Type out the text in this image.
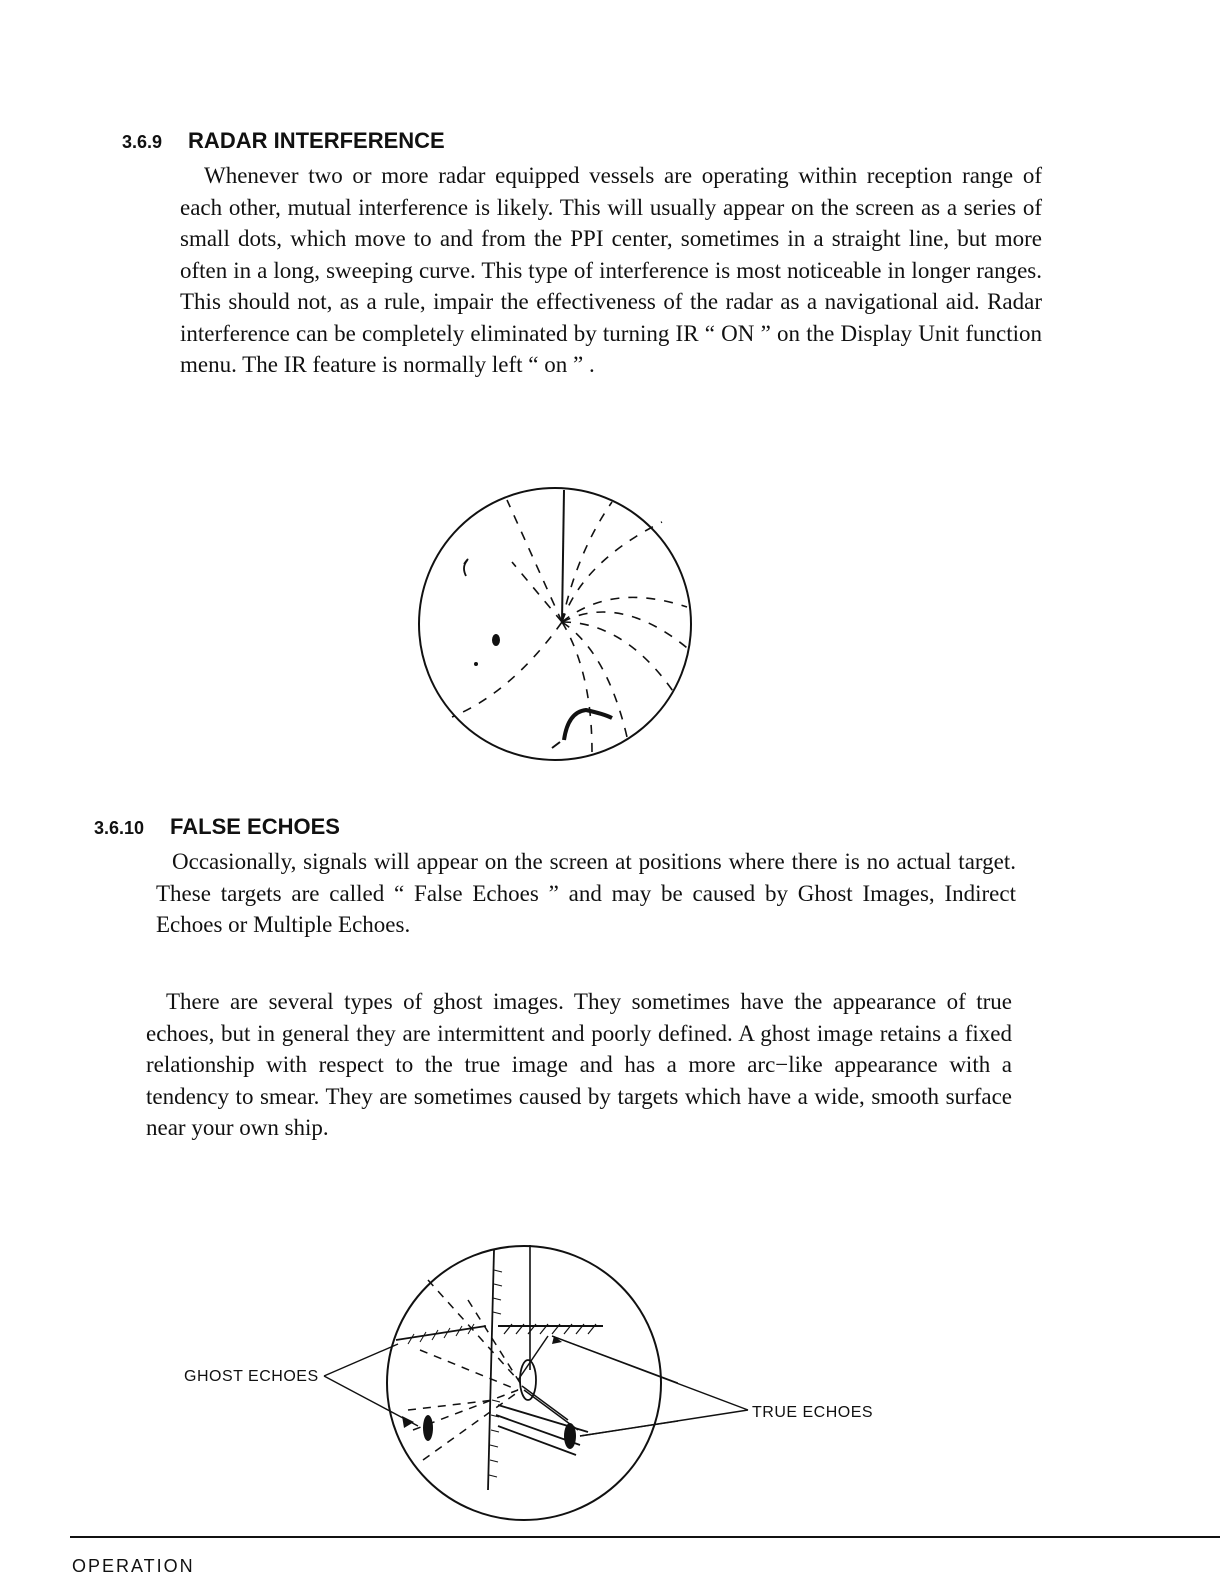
3.6.9 RADAR INTERFERENCE

Whenever two or more radar equipped vessels are operating within reception range of each other, mutual interference is likely. This will usually appear on the screen as a series of small dots, which move to and from the PPI center, sometimes in a straight line, but more often in a long, sweeping curve. This type of interference is most noticeable in longer ranges. This should not, as a rule, impair the effectiveness of the radar as a navigational aid. Radar interference can be completely eliminated by turning IR “ ON ” on the Display Unit function menu. The IR feature is normally left “ on ” .

3.6.10 FALSE ECHOES

Occasionally, signals will appear on the screen at positions where there is no actual target. These targets are called “ False Echoes ” and may be caused by Ghost Images, Indirect Echoes or Multiple Echoes.

There are several types of ghost images. They sometimes have the appearance of true echoes, but in general they are intermittent and poorly defined. A ghost image retains a fixed relationship with respect to the true image and has a more arc−like appearance with a tendency to smear. They are sometimes caused by targets which have a wide, smooth surface near your own ship.

GHOST ECHOES
TRUE ECHOES
OPERATION
